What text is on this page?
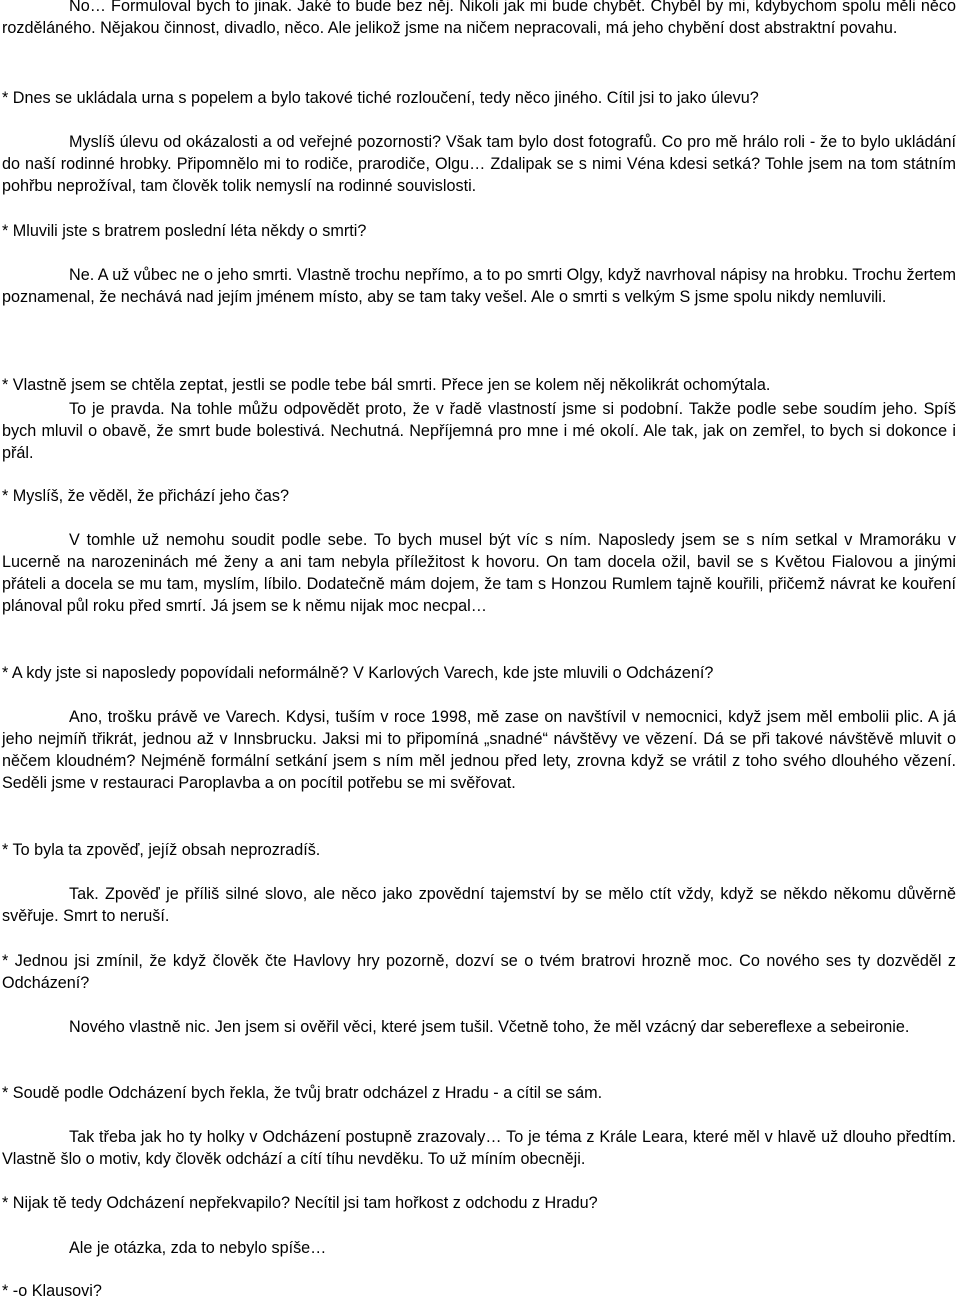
No… Formuloval bych to jinak. Jaké to bude bez něj. Nikoli jak mi bude chybět. Chyběl by mi, kdybychom spolu měli něco rozděláného. Nějakou činnost, divadlo, něco. Ale jelikož jsme na ničem nepracovali, má jeho chybění dost abstraktní povahu.

* Dnes se ukládala urna s popelem a bylo takové tiché rozloučení, tedy něco jiného. Cítil jsi to jako úlevu?

Myslíš úlevu od okázalosti a od veřejné pozornosti? Však tam bylo dost fotografů. Co pro mě hrálo roli - že to bylo ukládání do naší rodinné hrobky. Připomnělo mi to rodiče, prarodiče, Olgu… Zdalipak se s nimi Véna kdesi setká? Tohle jsem na tom státním pohřbu neprožíval, tam člověk tolik nemyslí na rodinné souvislosti.

* Mluvili jste s bratrem poslední léta někdy o smrti?

Ne. A už vůbec ne o jeho smrti. Vlastně trochu nepřímo, a to po smrti Olgy, když navrhoval nápisy na hrobku. Trochu žertem poznamenal, že nechává nad jejím jménem místo, aby se tam taky vešel. Ale o smrti s velkým S jsme spolu nikdy nemluvili.

* Vlastně jsem se chtěla zeptat, jestli se podle tebe bál smrti. Přece jen se kolem něj několikrát ochomýtala.

To je pravda. Na tohle můžu odpovědět proto, že v řadě vlastností jsme si podobní. Takže podle sebe soudím jeho. Spíš bych mluvil o obavě, že smrt bude bolestivá. Nechutná. Nepříjemná pro mne i mé okolí. Ale tak, jak on zemřel, to bych si dokonce i přál.

* Myslíš, že věděl, že přichází jeho čas?

V tomhle už nemohu soudit podle sebe. To bych musel být víc s ním. Naposledy jsem se s ním setkal v Mramoráku v Lucerně na narozeninách mé ženy a ani tam nebyla příležitost k hovoru. On tam docela ožil, bavil se s Květou Fialovou a jinými přáteli a docela se mu tam, myslím, líbilo. Dodatečně mám dojem, že tam s Honzou Rumlem tajně kouřili, přičemž návrat ke kouření plánoval půl roku před smrtí. Já jsem se k němu nijak moc necpal…

* A kdy jste si naposledy popovídali neformálně? V Karlových Varech, kde jste mluvili o Odcházení?

Ano, trošku právě ve Varech. Kdysi, tuším v roce 1998, mě zase on navštívil v nemocnici, když jsem měl embolii plic. A já jeho nejmíň třikrát, jednou až v Innsbrucku. Jaksi mi to připomíná „snadné“ návštěvy ve vězení. Dá se při takové návštěvě mluvit o něčem kloudném? Nejméně formální setkání jsem s ním měl jednou před lety, zrovna když se vrátil z toho svého dlouhého vězení. Seděli jsme v restauraci Paroplavba a on pocítil potřebu se mi svěřovat.

* To byla ta zpověď, jejíž obsah neprozradíš.

Tak. Zpověď je příliš silné slovo, ale něco jako zpovědní tajemství by se mělo ctít vždy, když se někdo někomu důvěrně svěřuje. Smrt to neruší.

* Jednou jsi zmínil, že když člověk čte Havlovy hry pozorně, dozví se o tvém bratrovi hrozně moc. Co nového ses ty dozvěděl z Odcházení?

Nového vlastně nic. Jen jsem si ověřil věci, které jsem tušil. Včetně toho, že měl vzácný dar sebereflexe a sebeironie.

* Soudě podle Odcházení bych řekla, že tvůj bratr odcházel z Hradu - a cítil se sám.

Tak třeba jak ho ty holky v Odcházení postupně zrazovaly… To je téma z Krále Leara, které měl v hlavě už dlouho předtím. Vlastně šlo o motiv, kdy člověk odchází a cítí tíhu nevděku. To už míním obecněji.

* Nijak tě tedy Odcházení nepřekvapilo? Necítil jsi tam hořkost z odchodu z Hradu?

Ale je otázka, zda to nebylo spíše…

* -o Klausovi?
